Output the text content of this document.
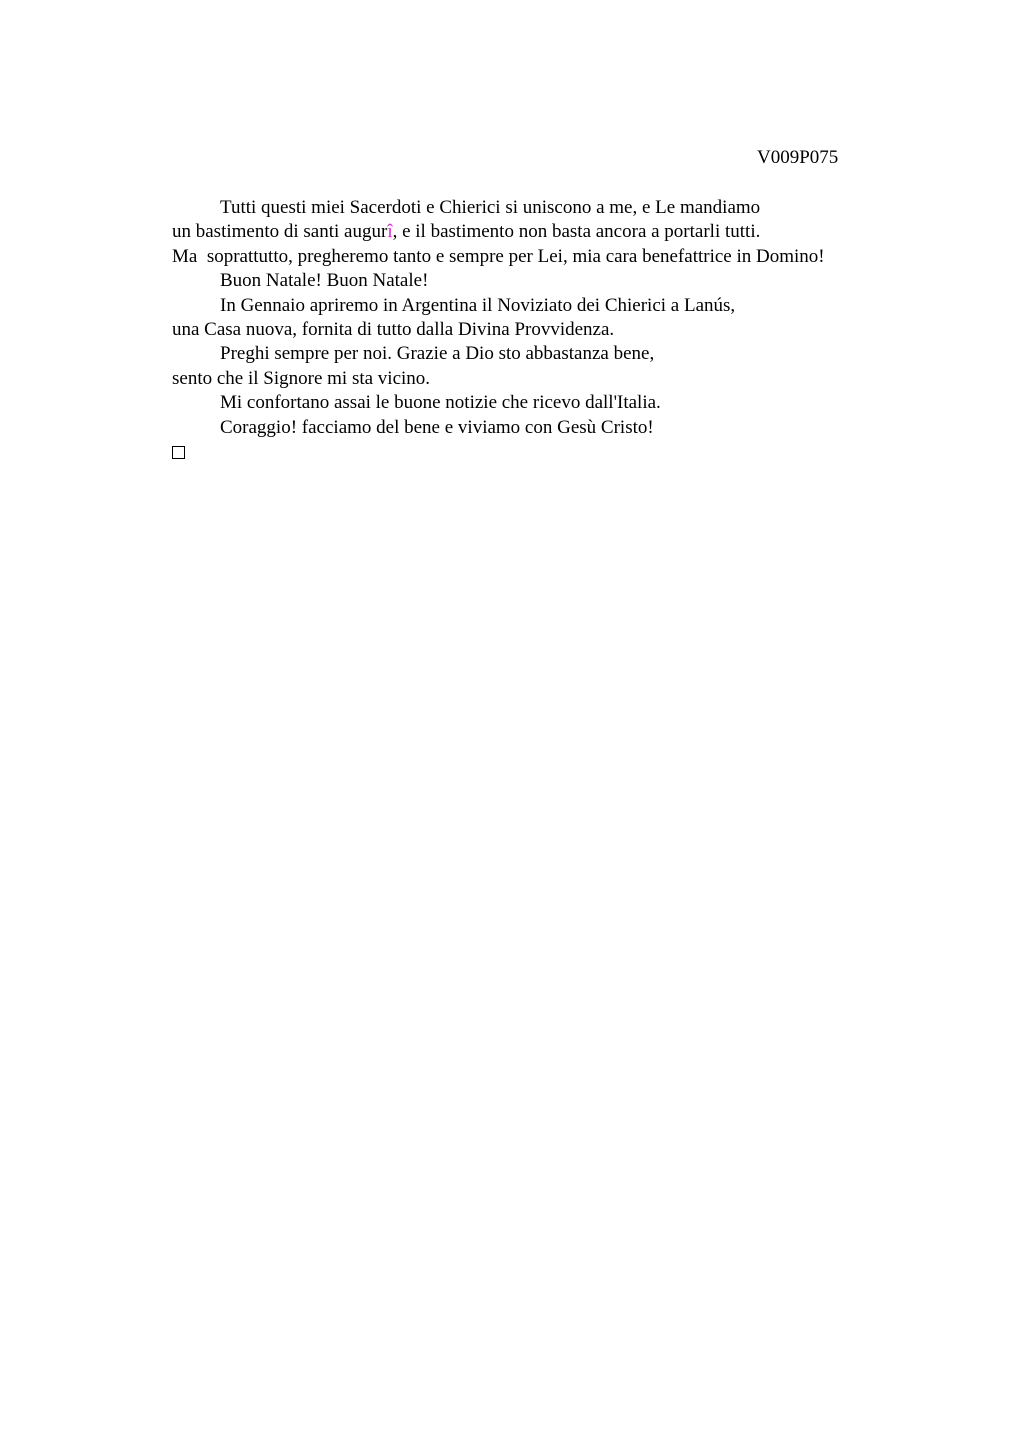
V009P075
Tutti questi miei Sacerdoti e Chierici si uniscono a me, e Le mandiamo
un bastimento di santi augurî, e il bastimento non basta ancora a portarli tutti.
Ma  soprattutto, pregheremo tanto e sempre per Lei, mia cara benefattrice in Domino!
Buon Natale! Buon Natale!
In Gennaio apriremo in Argentina il Noviziato dei Chierici a Lanús,
una Casa nuova, fornita di tutto dalla Divina Provvidenza.
Preghi sempre per noi. Grazie a Dio sto abbastanza bene,
sento che il Signore mi sta vicino.
Mi confortano assai le buone notizie che ricevo dall'Italia.
Coraggio! facciamo del bene e viviamo con Gesù Cristo!
